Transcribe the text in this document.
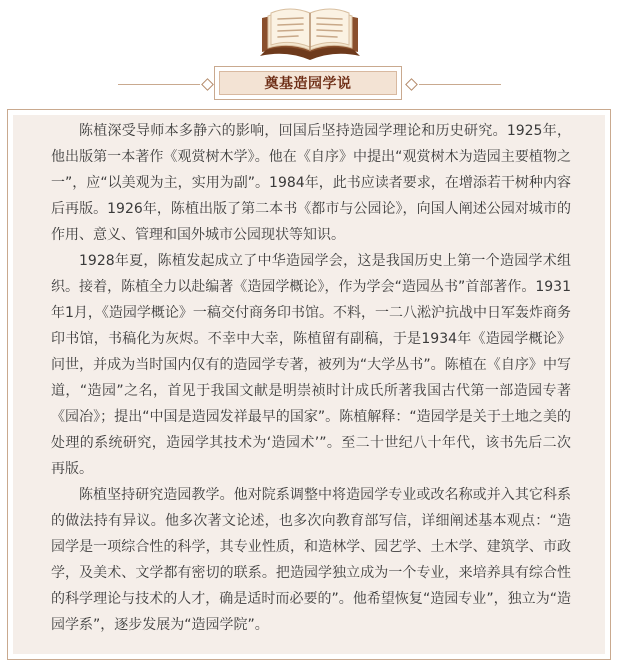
奠基造园学说

陈植深受导师本多静六的影响，回国后坚持造园学理论和历史研究。1925年，他出版第一本著作《观赏树木学》。他在《自序》中提出“观赏树木为造园主要植物之一”，应“以美观为主，实用为副”。1984年，此书应读者要求，在增添若干树种内容后再版。1926年，陈植出版了第二本书《都市与公园论》，向国人阐述公园对城市的作用、意义、管理和国外城市公园现状等知识。

1928年夏，陈植发起成立了中华造园学会，这是我国历史上第一个造园学术组织。接着，陈植全力以赴编著《造园学概论》，作为学会“造园丛书”首部著作。1931年1月，《造园学概论》一稿交付商务印书馆。不料，一二八淞沪抗战中日军轰炸商务印书馆，书稿化为灰烬。不幸中大幸，陈植留有副稿，于是1934年《造园学概论》问世，并成为当时国内仅有的造园学专著，被列为“大学丛书”。陈植在《自序》中写道，“造园”之名，首见于我国文献是明崇祯时计成氏所著我国古代第一部造园专著《园冶》；提出“中国是造园发祥最早的国家”。陈植解释：“造园学是关于土地之美的处理的系统研究，造园学其技术为‘造园术’”。至二十世纪八十年代，该书先后二次再版。

陈植坚持研究造园教学。他对院系调整中将造园学专业或改名称或并入其它科系的做法持有异议。他多次著文论述，也多次向教育部写信，详细阐述基本观点：“造园学是一项综合性的科学，其专业性质，和造林学、园艺学、土木学、建筑学、市政学，及美术、文学都有密切的联系。把造园学独立成为一个专业，来培养具有综合性的科学理论与技术的人才，确是适时而必要的”。他希望恢复“造园专业”，独立为“造园学系”，逐步发展为“造园学院”。
